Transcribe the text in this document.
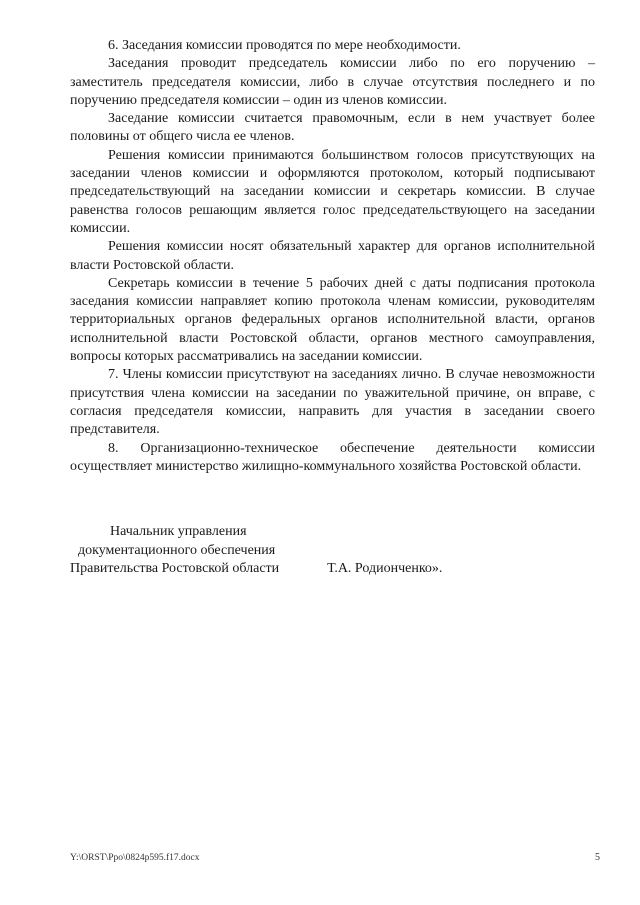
6. Заседания комиссии проводятся по мере необходимости.

Заседания проводит председатель комиссии либо по его поручению – заместитель председателя комиссии, либо в случае отсутствия последнего и по поручению председателя комиссии – один из членов комиссии.

Заседание комиссии считается правомочным, если в нем участвует более половины от общего числа ее членов.

Решения комиссии принимаются большинством голосов присутствующих на заседании членов комиссии и оформляются протоколом, который подписывают председательствующий на заседании комиссии и секретарь комиссии. В случае равенства голосов решающим является голос председательствующего на заседании комиссии.

Решения комиссии носят обязательный характер для органов исполнительной власти Ростовской области.

Секретарь комиссии в течение 5 рабочих дней с даты подписания протокола заседания комиссии направляет копию протокола членам комиссии, руководителям территориальных органов федеральных органов исполнительной власти, органов исполнительной власти Ростовской области, органов местного самоуправления, вопросы которых рассматривались на заседании комиссии.

7. Члены комиссии присутствуют на заседаниях лично. В случае невозможности присутствия члена комиссии на заседании по уважительной причине, он вправе, с согласия председателя комиссии, направить для участия в заседании своего представителя.

8. Организационно-техническое обеспечение деятельности комиссии осуществляет министерство жилищно-коммунального хозяйства Ростовской области.

Начальник управления
документационного обеспечения
Правительства Ростовской области	Т.А. Родионченко».
Y:\ORST\Ppo\0824p595.f17.docx	5
